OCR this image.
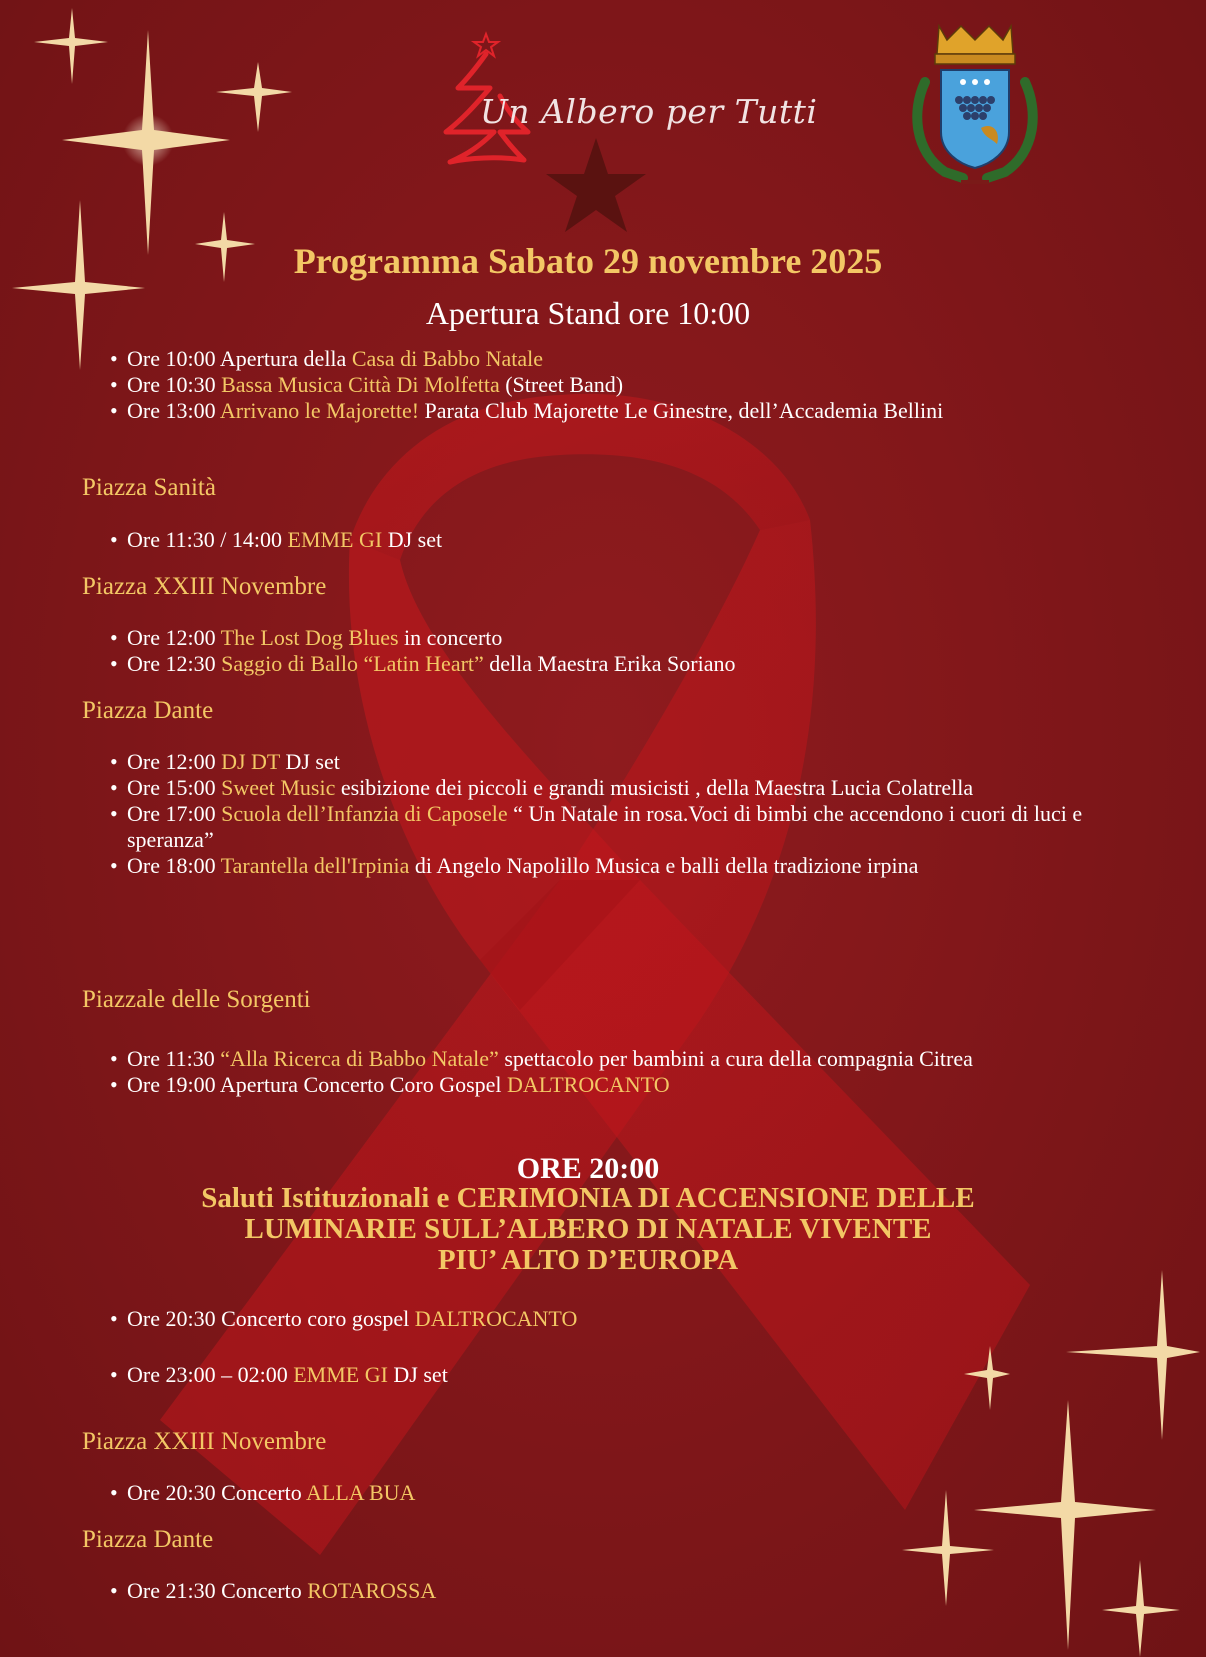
Un Albero per Tutti
Programma Sabato 29 novembre 2025
Apertura Stand ore 10:00
• Ore 10:00 Apertura della Casa di Babbo Natale
• Ore 10:30 Bassa Musica Città Di Molfetta (Street Band)
• Ore 13:00 Arrivano le Majorette! Parata Club Majorette Le Ginestre, dell’Accademia Bellini
Piazza Sanità
• Ore 11:30 / 14:00 EMME GI DJ set
Piazza XXIII Novembre
• Ore 12:00 The Lost Dog Blues in concerto
• Ore 12:30 Saggio di Ballo “Latin Heart” della Maestra Erika Soriano
Piazza Dante
• Ore 12:00 DJ DT DJ set
• Ore 15:00 Sweet Music esibizione dei piccoli e grandi musicisti , della Maestra Lucia Colatrella
• Ore 17:00 Scuola dell’Infanzia di Caposele “ Un Natale in rosa.Voci di bimbi che accendono i cuori di luci e speranza”
• Ore 18:00 Tarantella dell'Irpinia di Angelo Napolillo Musica e balli della tradizione irpina
Piazzale delle Sorgenti
• Ore 11:30 “Alla Ricerca di Babbo Natale” spettacolo per bambini a cura della compagnia Citrea
• Ore 19:00 Apertura Concerto Coro Gospel DALTROCANTO
ORE 20:00
Saluti Istituzionali e CERIMONIA DI ACCENSIONE DELLE
LUMINARIE SULL’ALBERO DI NATALE VIVENTE
PIU’ ALTO D’EUROPA
• Ore 20:30 Concerto coro gospel DALTROCANTO
• Ore 23:00 – 02:00 EMME GI DJ set
Piazza XXIII Novembre
• Ore 20:30 Concerto ALLA BUA
Piazza Dante
• Ore 21:30 Concerto ROTAROSSA
